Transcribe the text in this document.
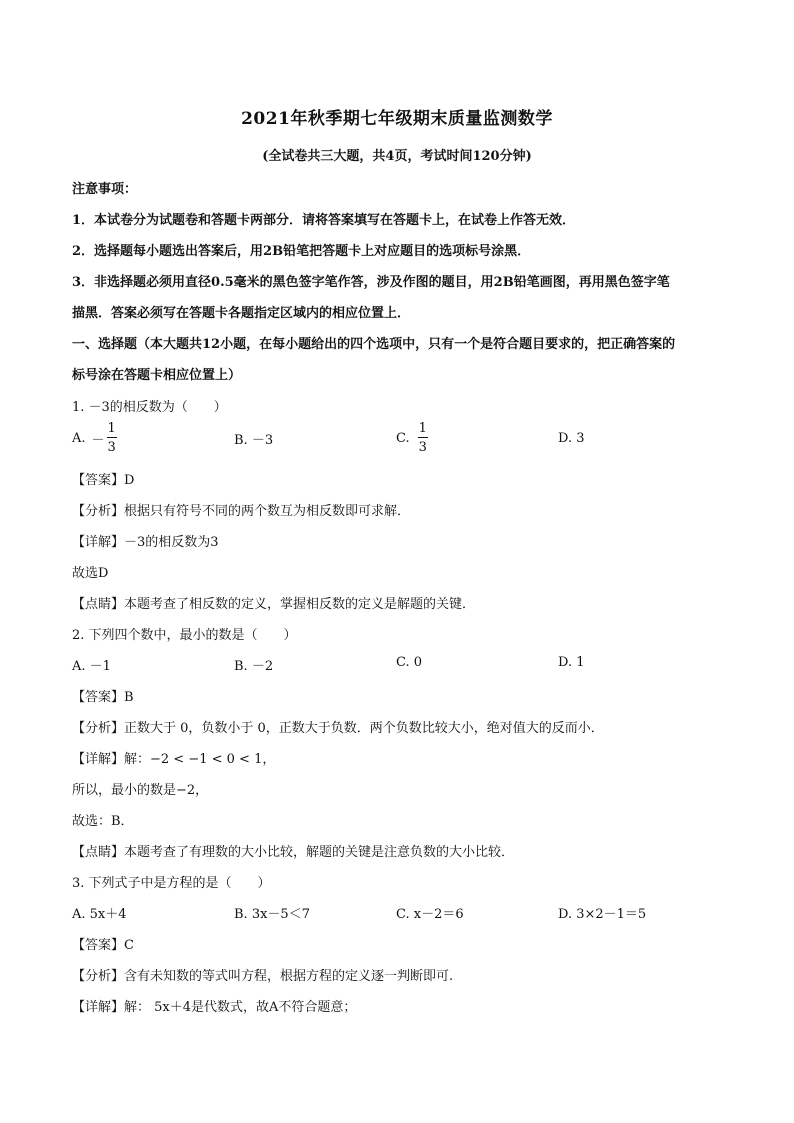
2021年秋季期七年级期末质量监测数学
(全试卷共三大题，共4页，考试时间120分钟)
注意事项：
1．本试卷分为试题卷和答题卡两部分．请将答案填写在答题卡上，在试卷上作答无效．
2．选择题每小题选出答案后，用2B铅笔把答题卡上对应题目的选项标号涂黑．
3．非选择题必须用直径0.5毫米的黑色签字笔作答，涉及作图的题目，用2B铅笔画图，再用黑色签字笔
描黑．答案必须写在答题卡各题指定区域内的相应位置上．
一、选择题（本大题共12小题，在每小题给出的四个选项中，只有一个是符合题目要求的，把正确答案的
标号涂在答题卡相应位置上）
1. －3的相反数为（　　）
A. － $\frac{1}{3}$	B. －3	C. $\frac{1}{3}$	D. 3
【答案】D
【分析】根据只有符号不同的两个数互为相反数即可求解．
【详解】－3的相反数为3
故选D
【点睛】本题考查了相反数的定义，掌握相反数的定义是解题的关键．
2. 下列四个数中，最小的数是（　　）
A. －1	B. －2	C. 0	D. 1
【答案】B
【分析】正数大于 0，负数小于 0，正数大于负数．两个负数比较大小，绝对值大的反而小．
【详解】解：−2 < −1 < 0 < 1，
所以，最小的数是−2，
故选：B．
【点睛】本题考查了有理数的大小比较，解题的关键是注意负数的大小比较．
3. 下列式子中是方程的是（　　）
A. 5x＋4	B. 3x－5＜7	C. x－2＝6	D. 3×2－1＝5
【答案】C
【分析】含有未知数的等式叫方程，根据方程的定义逐一判断即可.
【详解】解： 5x＋4是代数式，故A不符合题意；
